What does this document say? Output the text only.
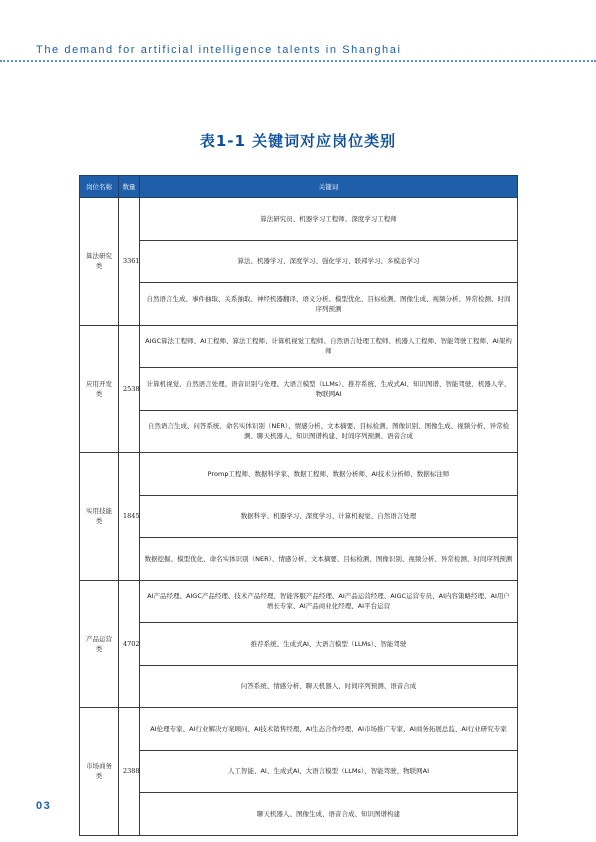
The demand for artificial intelligence talents in Shanghai
表1-1 关键词对应岗位类别
岗位名称	数量	关键词
算法研究类	3361	算法研究员、机器学习工程师、深度学习工程师
		算法、机器学习、深度学习、强化学习、联邦学习、多模态学习
		自然语言生成、事件抽取、关系抽取、神经机器翻译、语义分析、模型优化、目标检测、图像生成、视频分析、异常检测、时间序列预测
应用开发类	2538	AIGC算法工程师、AI工程师、算法工程师、计算机视觉工程师、自然语言处理工程师、机器人工程师、智能驾驶工程师、AI架构师
		计算机视觉、自然语言处理、语音识别与处理、大语言模型（LLMs）、推荐系统、生成式AI、知识图谱、智能驾驶、机器人学、物联网AI
		自然语言生成、问答系统、命名实体识别（NER）、情感分析、文本摘要、目标检测、图像识别、图像生成、视频分析、异常检测、聊天机器人、知识图谱构建、时间序列预测、语音合成
实用技能类	1845	Promp工程师、数据科学家、数据工程师、数据分析师、AI技术分析师、数据标注师
		数据科学、机器学习、深度学习、计算机视觉、自然语言处理
		数据挖掘、模型优化、命名实体识别（NER）、情感分析、文本摘要、目标检测、图像识别、视频分析、异常检测、时间序列预测
产品运营类	4702	AI产品经理、AIGC产品经理、技术产品经理、智能客服产品经理、AI产品运营经理、AIGC运营专员、AI内容策略经理、AI用户增长专家、AI产品商业化经理、AI平台运营
		推荐系统、生成式AI、大语言模型（LLMs）、智能驾驶
		问答系统、情感分析、聊天机器人、时间序列预测、语音合成
市场商务类	2388	AI伦理专家、AI行业解决方案顾问、AI技术销售经理、AI生态合作经理、AI市场推广专家、AI商务拓展总监、AI行业研究专家
		人工智能、AI、生成式AI、大语言模型（LLMs）、智能驾驶、物联网AI
		聊天机器人、图像生成、语音合成、知识图谱构建
03
